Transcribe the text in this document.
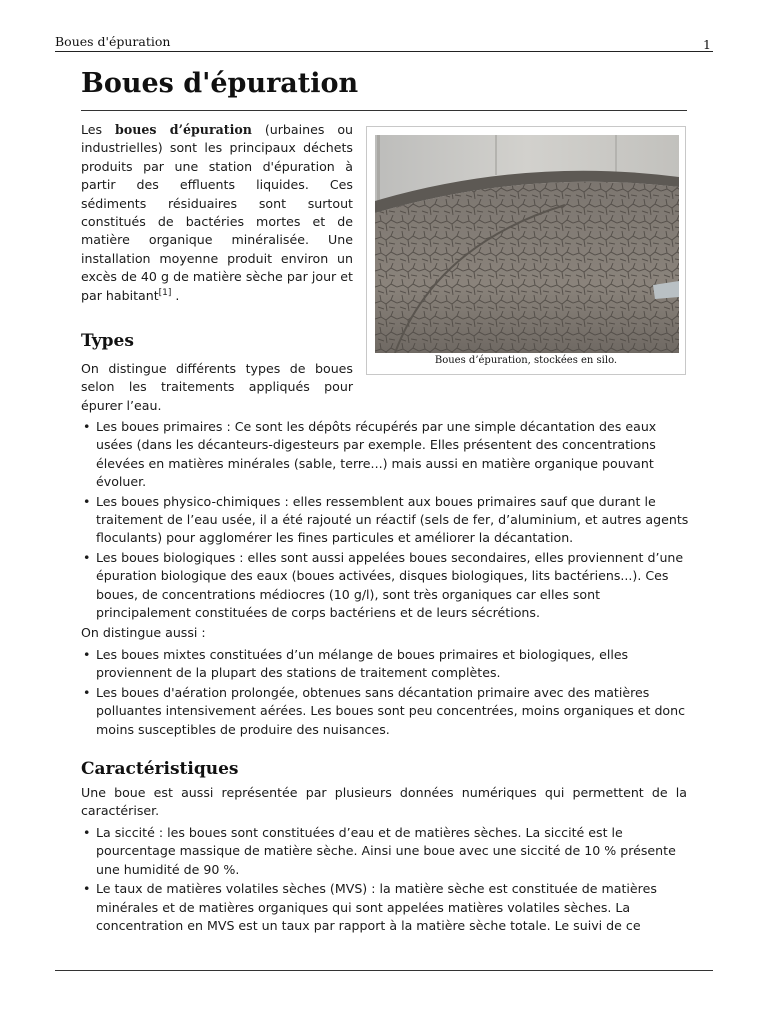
Boues d'épuration	1
Boues d'épuration

Les boues d’épuration (urbaines ou industrielles) sont les principaux déchets produits par une station d'épuration à partir des effluents liquides. Ces sédiments résiduaires sont surtout constitués de bactéries mortes et de matière organique minéralisée. Une installation moyenne produit environ un excès de 40 g de matière sèche par jour et par habitant[1] .

Boues d’épuration, stockées en silo.
Types

On distingue différents types de boues selon les traitements appliqués pour épurer l’eau.

• Les boues primaires : Ce sont les dépôts récupérés par une simple décantation des eaux usées (dans les décanteurs-digesteurs par exemple. Elles présentent des concentrations élevées en matières minérales (sable, terre...) mais aussi en matière organique pouvant évoluer.
• Les boues physico-chimiques : elles ressemblent aux boues primaires sauf que durant le traitement de l’eau usée, il a été rajouté un réactif (sels de fer, d’aluminium, et autres agents floculants) pour agglomérer les fines particules et améliorer la décantation.
• Les boues biologiques : elles sont aussi appelées boues secondaires, elles proviennent d’une épuration biologique des eaux (boues activées, disques biologiques, lits bactériens...). Ces boues, de concentrations médiocres (10 g/l), sont très organiques car elles sont principalement constituées de corps bactériens et de leurs sécrétions.

On distingue aussi :

• Les boues mixtes constituées d’un mélange de boues primaires et biologiques, elles proviennent de la plupart des stations de traitement complètes.
• Les boues d'aération prolongée, obtenues sans décantation primaire avec des matières polluantes intensivement aérées. Les boues sont peu concentrées, moins organiques et donc moins susceptibles de produire des nuisances.
Caractéristiques

Une boue est aussi représentée par plusieurs données numériques qui permettent de la caractériser.

• La siccité : les boues sont constituées d’eau et de matières sèches. La siccité est le pourcentage massique de matière sèche. Ainsi une boue avec une siccité de 10 % présente une humidité de 90 %.
• Le taux de matières volatiles sèches (MVS) : la matière sèche est constituée de matières minérales et de matières organiques qui sont appelées matières volatiles sèches. La concentration en MVS est un taux par rapport à la matière sèche totale. Le suivi de ce
